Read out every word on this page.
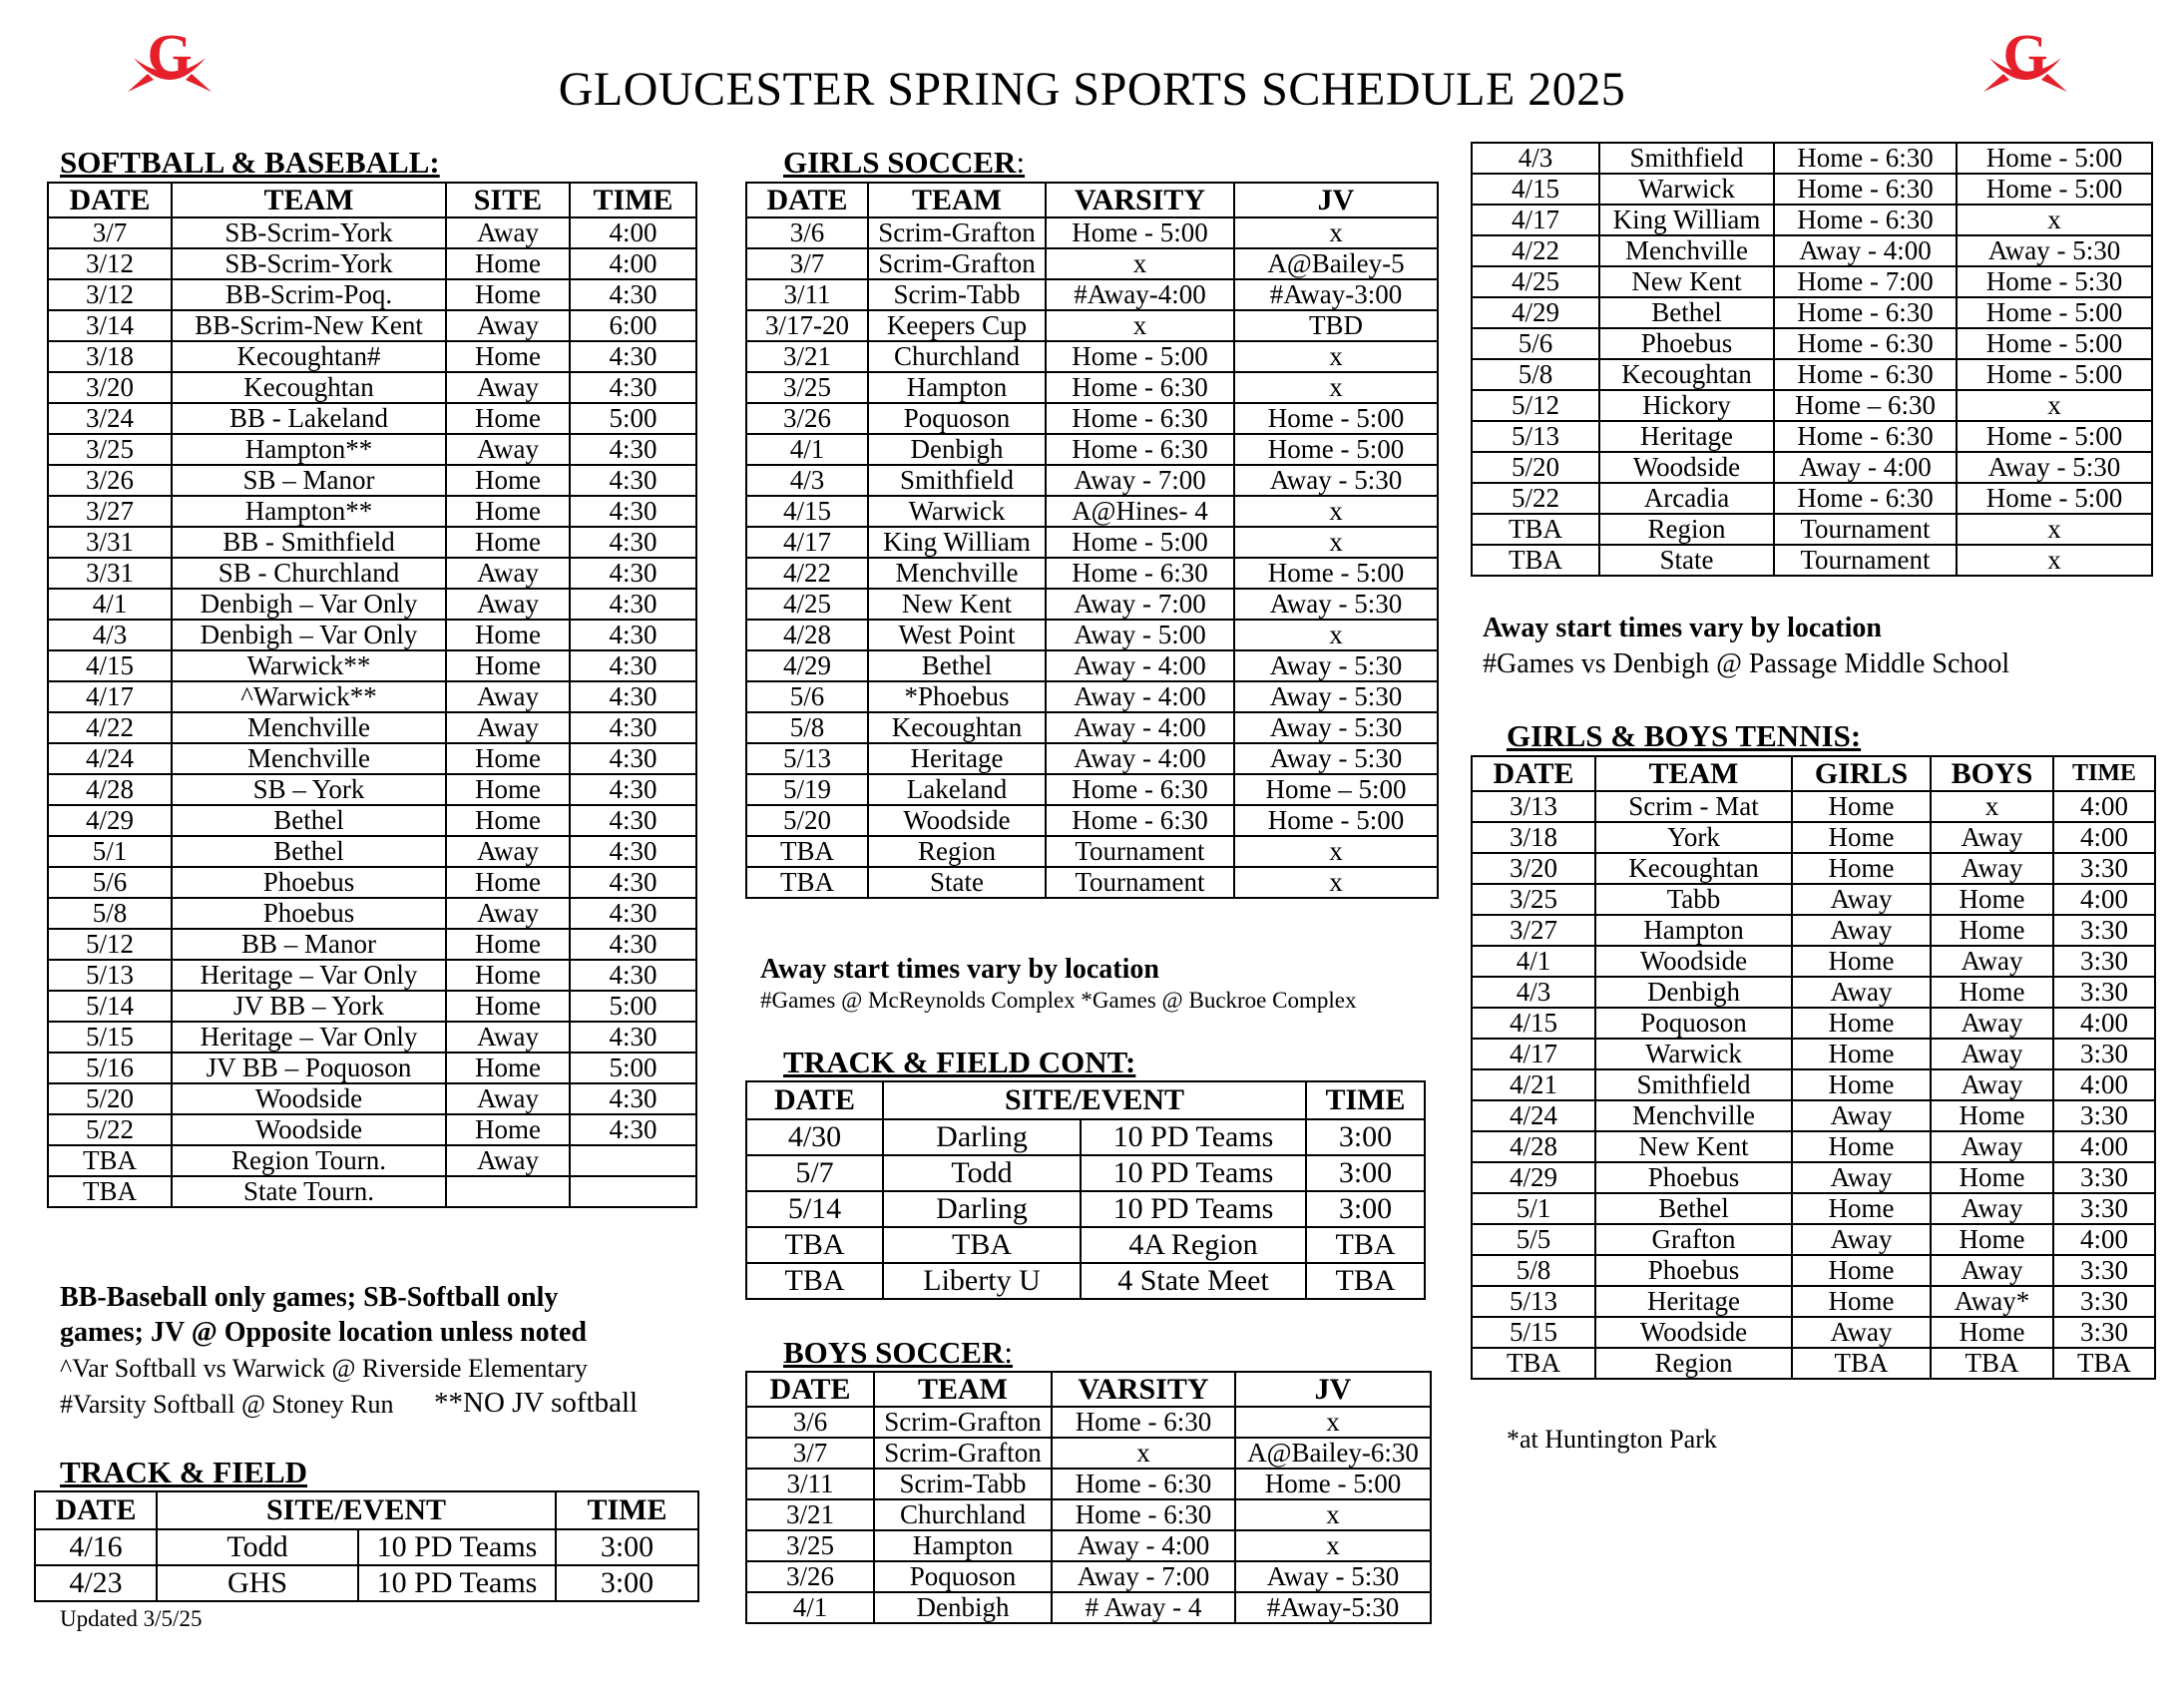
G	G
GLOUCESTER SPRING SPORTS SCHEDULE 2025
SOFTBALL & BASEBALL:
DATE	TEAM	SITE	TIME
3/7	SB-Scrim-York	Away	4:00
3/12	SB-Scrim-York	Home	4:00
3/12	BB-Scrim-Poq.	Home	4:30
3/14	BB-Scrim-New Kent	Away	6:00
3/18	Kecoughtan#	Home	4:30
3/20	Kecoughtan	Away	4:30
3/24	BB - Lakeland	Home	5:00
3/25	Hampton**	Away	4:30
3/26	SB – Manor	Home	4:30
3/27	Hampton**	Home	4:30
3/31	BB - Smithfield	Home	4:30
3/31	SB - Churchland	Away	4:30
4/1	Denbigh – Var Only	Away	4:30
4/3	Denbigh – Var Only	Home	4:30
4/15	Warwick**	Home	4:30
4/17	^Warwick**	Away	4:30
4/22	Menchville	Away	4:30
4/24	Menchville	Home	4:30
4/28	SB – York	Home	4:30
4/29	Bethel	Home	4:30
5/1	Bethel	Away	4:30
5/6	Phoebus	Home	4:30
5/8	Phoebus	Away	4:30
5/12	BB – Manor	Home	4:30
5/13	Heritage – Var Only	Home	4:30
5/14	JV BB – York	Home	5:00
5/15	Heritage – Var Only	Away	4:30
5/16	JV BB – Poquoson	Home	5:00
5/20	Woodside	Away	4:30
5/22	Woodside	Home	4:30
TBA	Region Tourn.	Away	
TBA	State Tourn.		
BB-Baseball only games; SB-Softball only
games; JV @ Opposite location unless noted
^Var Softball vs Warwick @ Riverside Elementary
#Varsity Softball @ Stoney Run **NO JV softball
TRACK & FIELD
DATE	SITE/EVENT		TIME
4/16	Todd	10 PD Teams	3:00
4/23	GHS	10 PD Teams	3:00
Updated 3/5/25
GIRLS SOCCER:
DATE	TEAM	VARSITY	JV
3/6	Scrim-Grafton	Home - 5:00	x
3/7	Scrim-Grafton	x	A@Bailey-5
3/11	Scrim-Tabb	#Away-4:00	#Away-3:00
3/17-20	Keepers Cup	x	TBD
3/21	Churchland	Home - 5:00	x
3/25	Hampton	Home - 6:30	x
3/26	Poquoson	Home - 6:30	Home - 5:00
4/1	Denbigh	Home - 6:30	Home - 5:00
4/3	Smithfield	Away - 7:00	Away - 5:30
4/15	Warwick	A@Hines- 4	x
4/17	King William	Home - 5:00	x
4/22	Menchville	Home - 6:30	Home - 5:00
4/25	New Kent	Away - 7:00	Away - 5:30
4/28	West Point	Away - 5:00	x
4/29	Bethel	Away - 4:00	Away - 5:30
5/6	*Phoebus	Away - 4:00	Away - 5:30
5/8	Kecoughtan	Away - 4:00	Away - 5:30
5/13	Heritage	Away - 4:00	Away - 5:30
5/19	Lakeland	Home - 6:30	Home – 5:00
5/20	Woodside	Home - 6:30	Home - 5:00
TBA	Region	Tournament	x
TBA	State	Tournament	x
Away start times vary by location
#Games @ McReynolds Complex *Games @ Buckroe Complex
TRACK & FIELD CONT:
DATE	SITE/EVENT		TIME
4/30	Darling	10 PD Teams	3:00
5/7	Todd	10 PD Teams	3:00
5/14	Darling	10 PD Teams	3:00
TBA	TBA	4A Region	TBA
TBA	Liberty U	4 State Meet	TBA
BOYS SOCCER:
DATE	TEAM	VARSITY	JV
3/6	Scrim-Grafton	Home - 6:30	x
3/7	Scrim-Grafton	x	A@Bailey-6:30
3/11	Scrim-Tabb	Home - 6:30	Home - 5:00
3/21	Churchland	Home - 6:30	x
3/25	Hampton	Away - 4:00	x
3/26	Poquoson	Away - 7:00	Away - 5:30
4/1	Denbigh	# Away - 4	#Away-5:30
4/3	Smithfield	Home - 6:30	Home - 5:00
4/15	Warwick	Home - 6:30	Home - 5:00
4/17	King William	Home - 6:30	x
4/22	Menchville	Away - 4:00	Away - 5:30
4/25	New Kent	Home - 7:00	Home - 5:30
4/29	Bethel	Home - 6:30	Home - 5:00
5/6	Phoebus	Home - 6:30	Home - 5:00
5/8	Kecoughtan	Home - 6:30	Home - 5:00
5/12	Hickory	Home – 6:30	x
5/13	Heritage	Home - 6:30	Home - 5:00
5/20	Woodside	Away - 4:00	Away - 5:30
5/22	Arcadia	Home - 6:30	Home - 5:00
TBA	Region	Tournament	x
TBA	State	Tournament	x
Away start times vary by location
#Games vs Denbigh @ Passage Middle School
GIRLS & BOYS TENNIS:
DATE	TEAM	GIRLS	BOYS	TIME
3/13	Scrim - Mat	Home	x	4:00
3/18	York	Home	Away	4:00
3/20	Kecoughtan	Home	Away	3:30
3/25	Tabb	Away	Home	4:00
3/27	Hampton	Away	Home	3:30
4/1	Woodside	Home	Away	3:30
4/3	Denbigh	Away	Home	3:30
4/15	Poquoson	Home	Away	4:00
4/17	Warwick	Home	Away	3:30
4/21	Smithfield	Home	Away	4:00
4/24	Menchville	Away	Home	3:30
4/28	New Kent	Home	Away	4:00
4/29	Phoebus	Away	Home	3:30
5/1	Bethel	Home	Away	3:30
5/5	Grafton	Away	Home	4:00
5/8	Phoebus	Home	Away	3:30
5/13	Heritage	Home	Away*	3:30
5/15	Woodside	Away	Home	3:30
TBA	Region	TBA	TBA	TBA
*at Huntington Park
